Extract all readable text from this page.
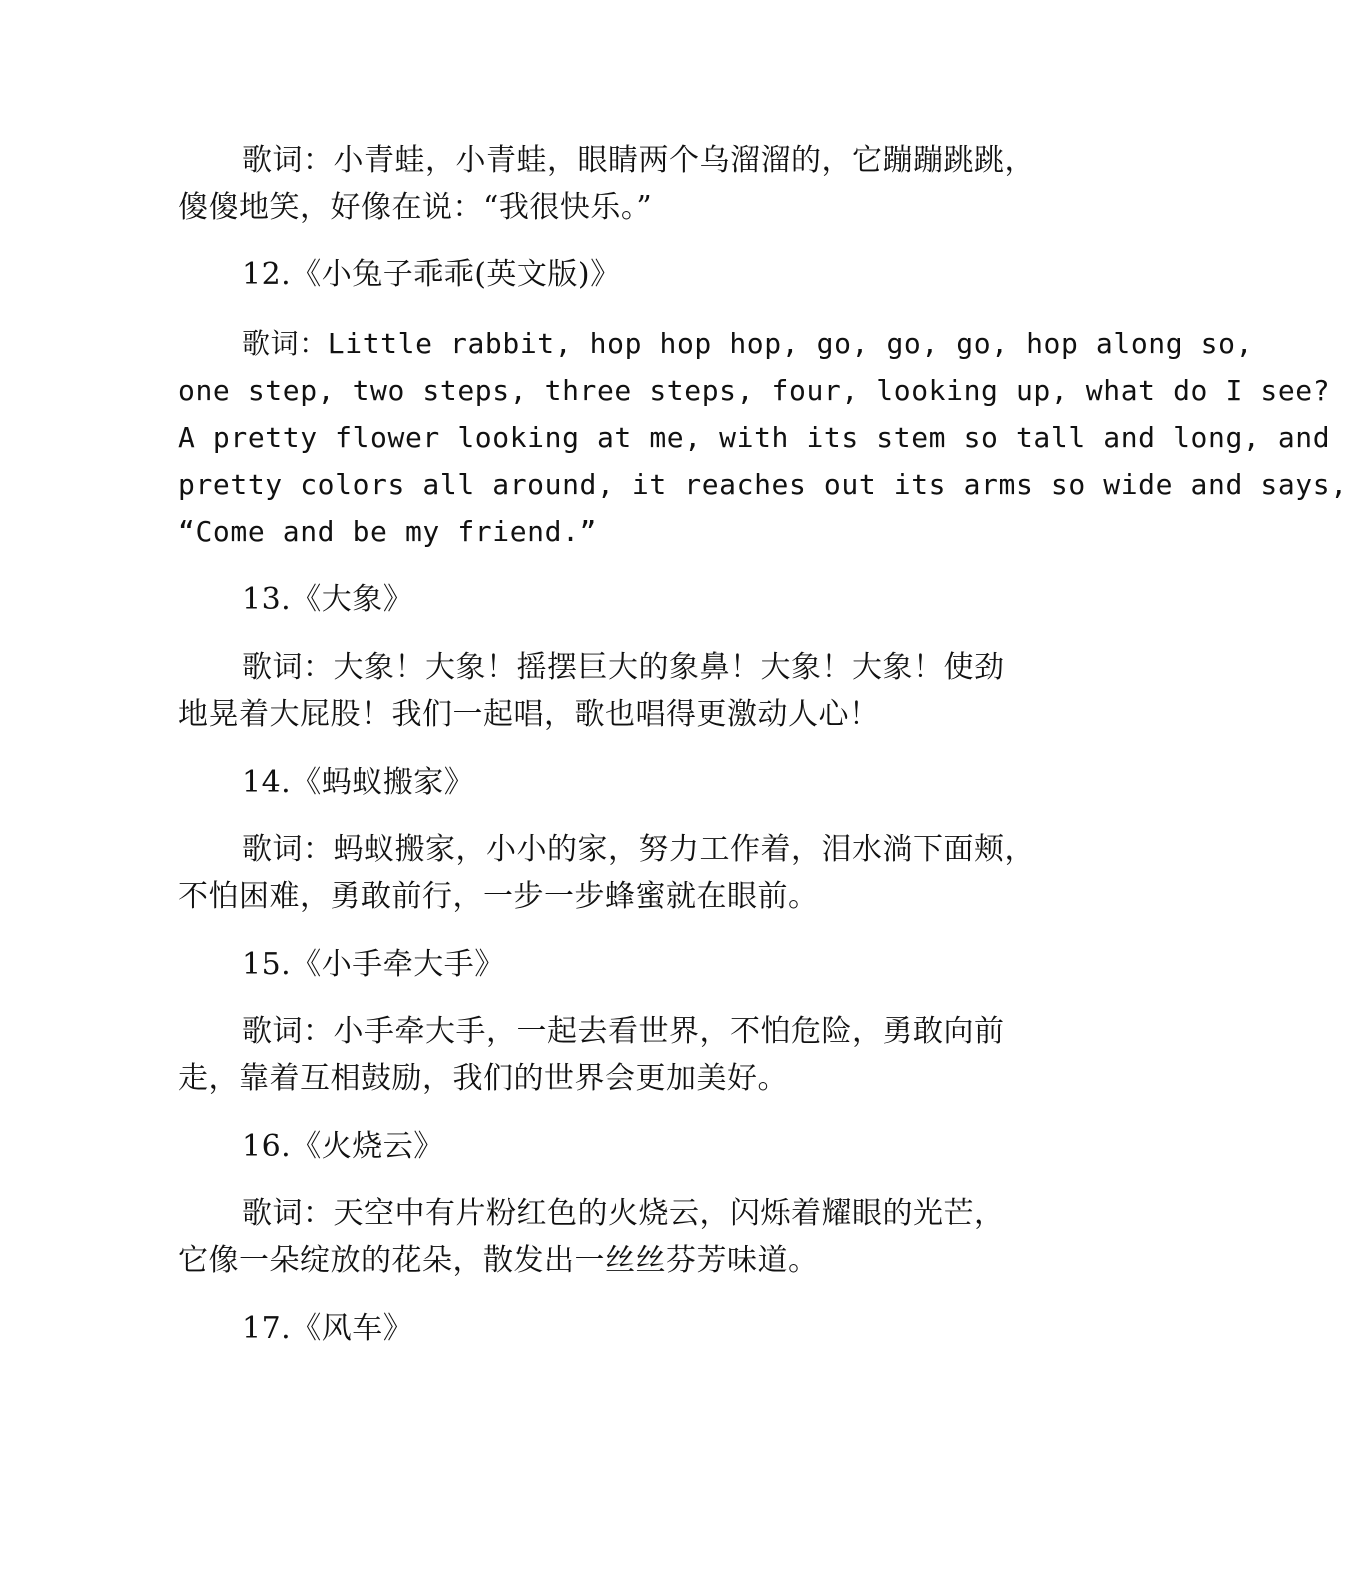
歌词：小青蛙，小青蛙，眼睛两个乌溜溜的，它蹦蹦跳跳，
傻傻地笑，好像在说：“我很快乐。”
12.《小兔子乖乖(英文版)》
歌词：Little rabbit, hop hop hop, go, go, go, hop along so,
one step, two steps, three steps, four, looking up, what do I see?
A pretty flower looking at me, with its stem so tall and long, and
pretty colors all around, it reaches out its arms so wide and says,
“Come and be my friend.”
13.《大象》
歌词：大象！大象！摇摆巨大的象鼻！大象！大象！使劲
地晃着大屁股！我们一起唱，歌也唱得更激动人心！
14.《蚂蚁搬家》
歌词：蚂蚁搬家，小小的家，努力工作着，泪水淌下面颊，
不怕困难，勇敢前行，一步一步蜂蜜就在眼前。
15.《小手牵大手》
歌词：小手牵大手，一起去看世界，不怕危险，勇敢向前
走，靠着互相鼓励，我们的世界会更加美好。
16.《火烧云》
歌词：天空中有片粉红色的火烧云，闪烁着耀眼的光芒，
它像一朵绽放的花朵，散发出一丝丝芬芳味道。
17.《风车》
